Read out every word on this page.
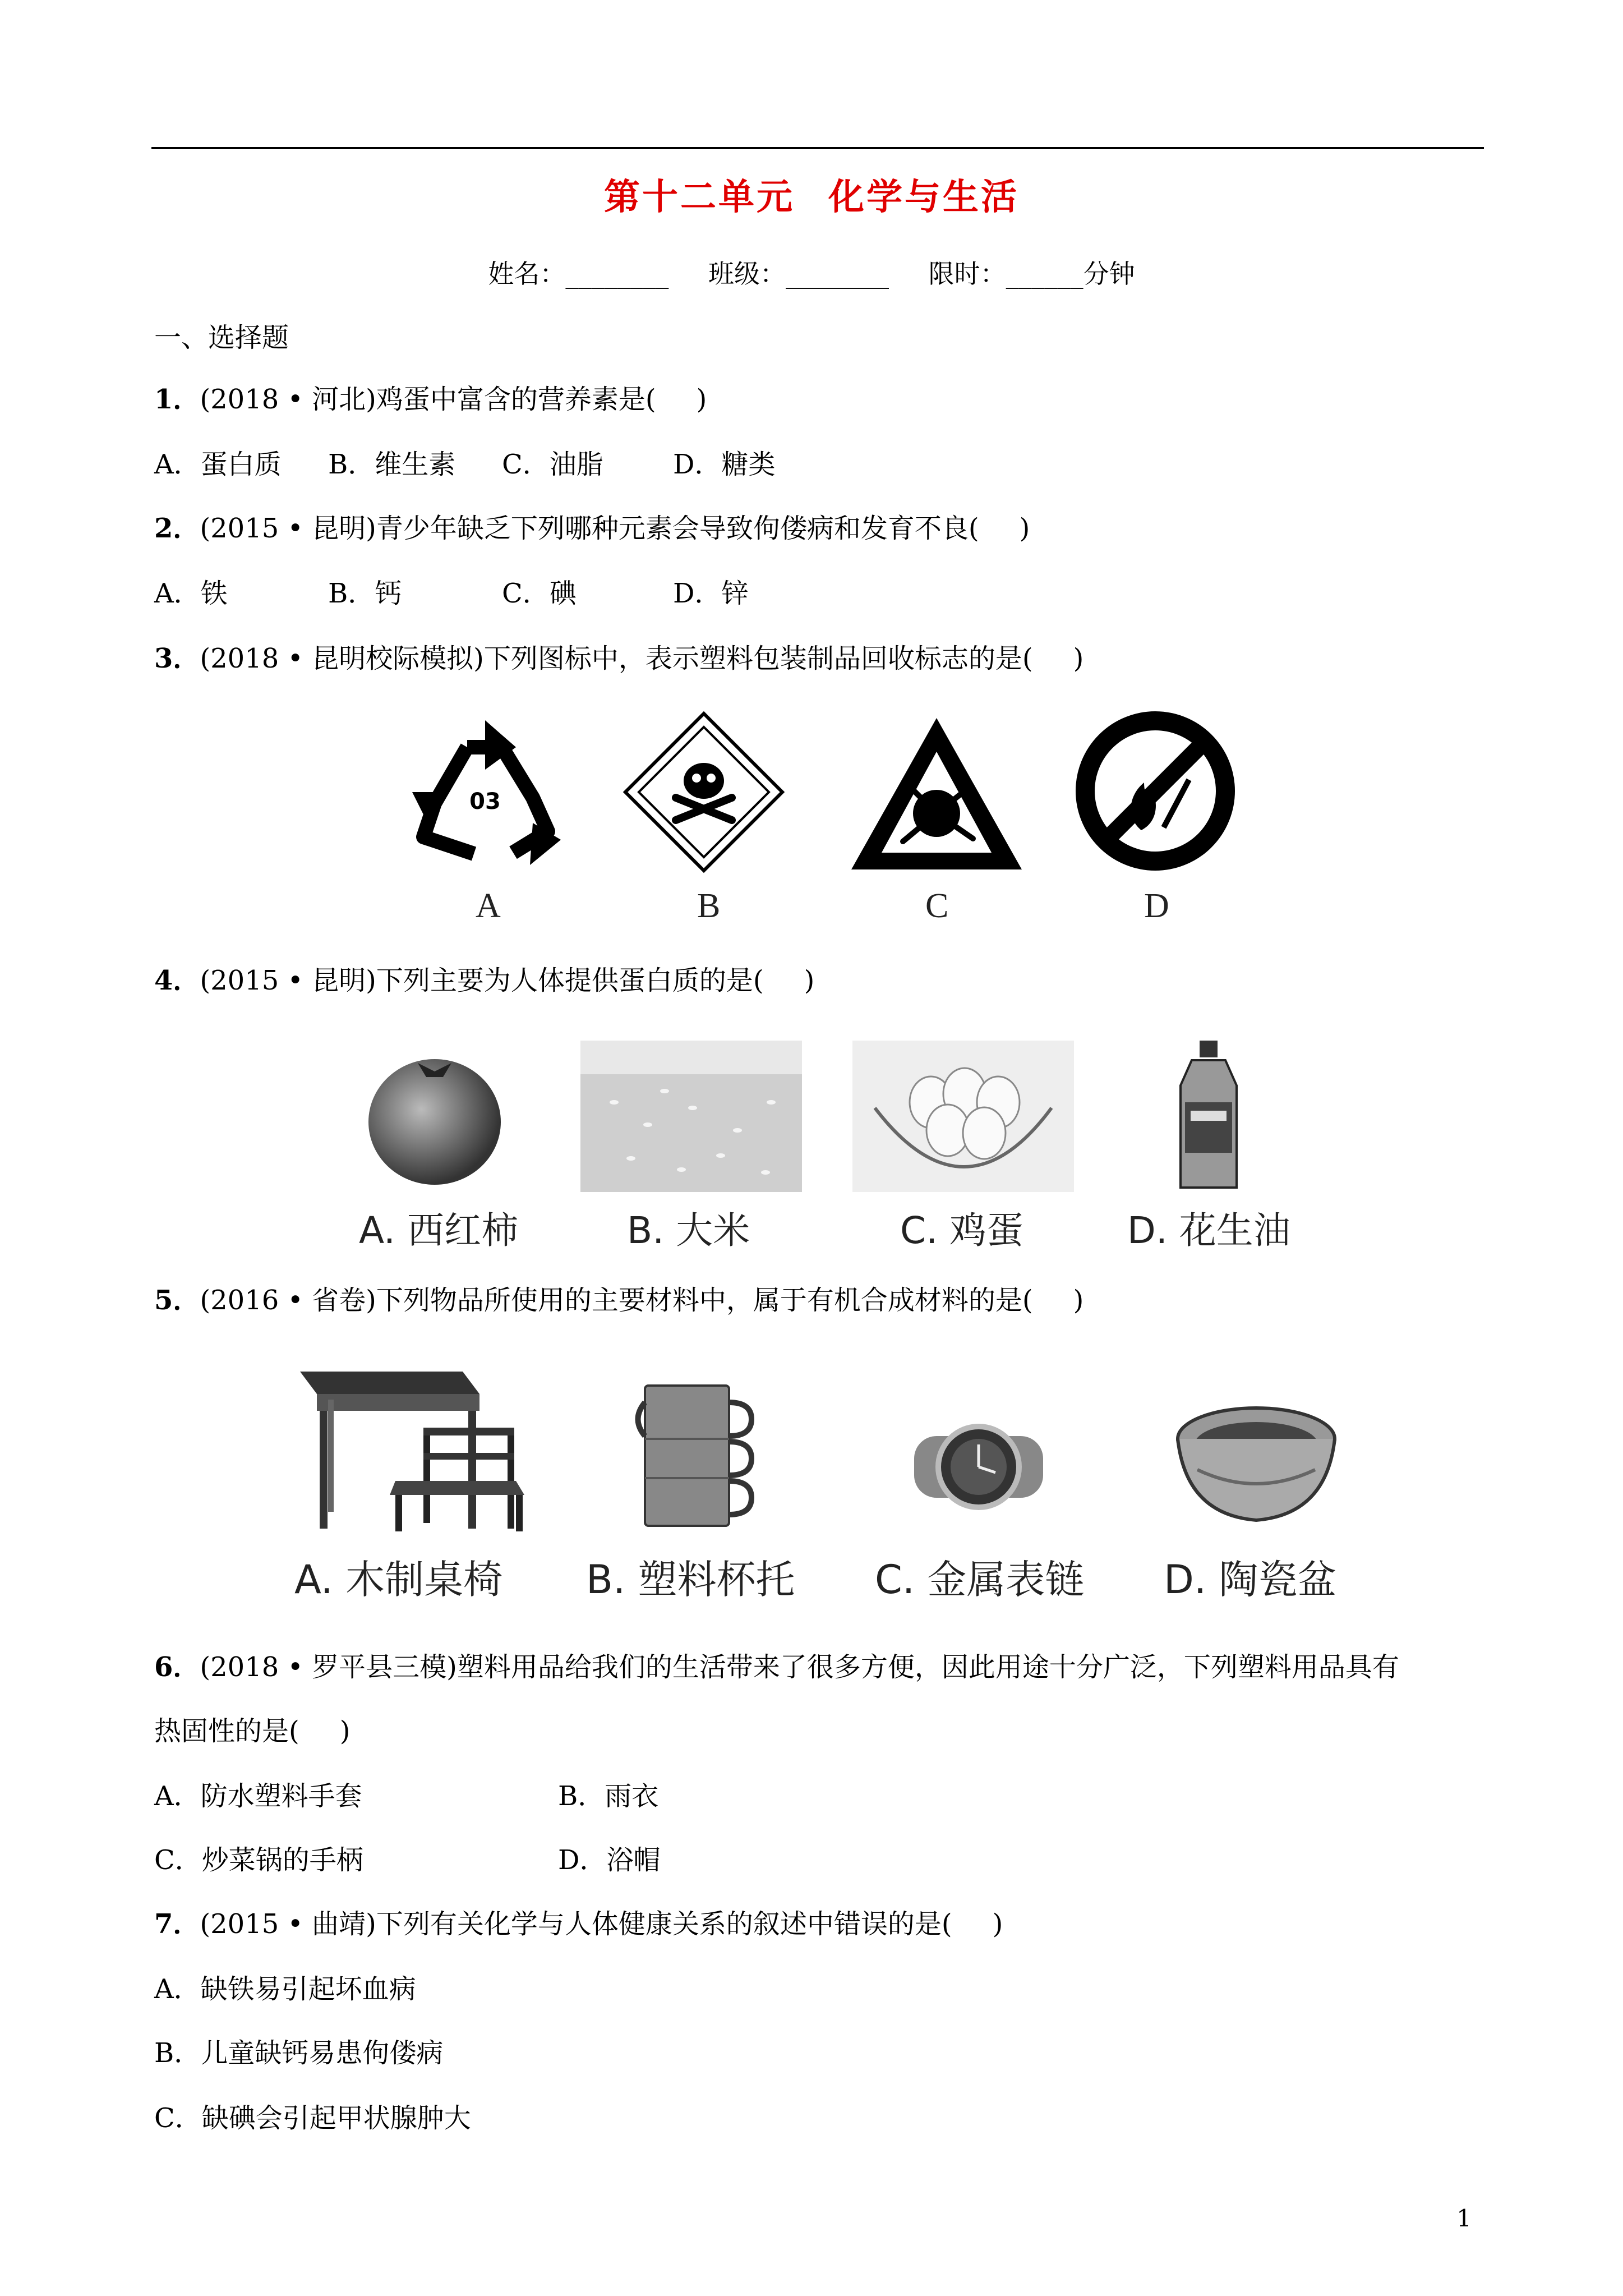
第十二单元 化学与生活
姓名：________ 班级：________ 限时：______分钟
一、选择题
1．(2018 • 河北)鸡蛋中富含的营养素是( )
A．蛋白质 B．维生素 C．油脂	D．糖类
2．(2015 • 昆明)青少年缺乏下列哪种元素会导致佝偻病和发育不良( )
A．铁	B．钙	C．碘	D．锌
3．(2018 • 昆明校际模拟)下列图标中，表示塑料包装制品回收标志的是( )
03
A	B	C	D
4．(2015 • 昆明)下列主要为人体提供蛋白质的是( )
A. 西红柿	B. 大米	C. 鸡蛋	D. 花生油
5．(2016 • 省卷)下列物品所使用的主要材料中，属于有机合成材料的是( )
A. 木制桌椅 B. 塑料杯托 C. 金属表链 D. 陶瓷盆
6．(2018 • 罗平县三模)塑料用品给我们的生活带来了很多方便，因此用途十分广泛，下列塑料用品具有
热固性的是( )
A．防水塑料手套	B．雨衣
C．炒菜锅的手柄	D．浴帽
7．(2015 • 曲靖)下列有关化学与人体健康关系的叙述中错误的是( )
A．缺铁易引起坏血病
B．儿童缺钙易患佝偻病
C．缺碘会引起甲状腺肿大
1
